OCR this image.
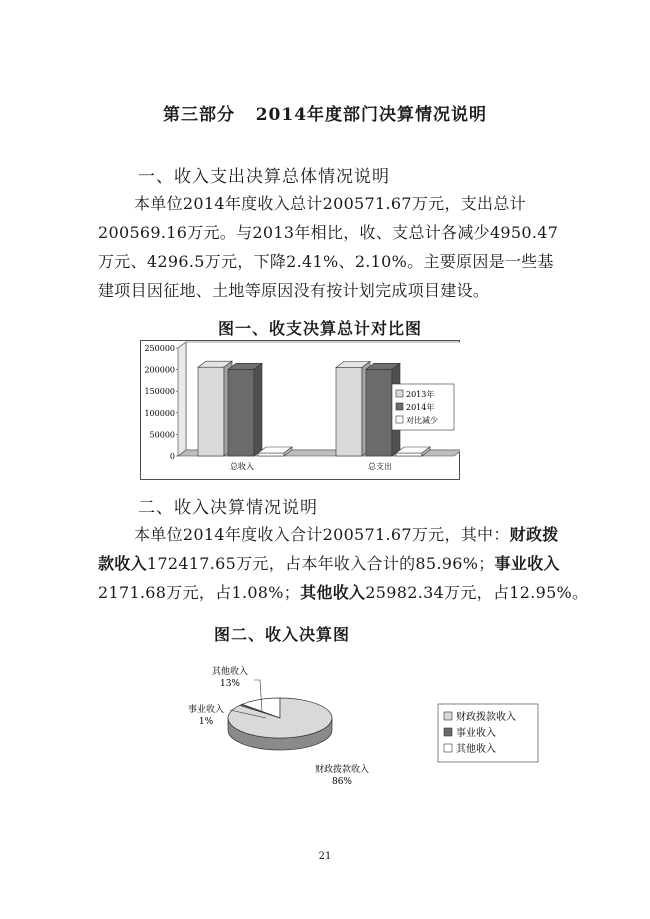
第三部分 2014年度部门决算情况说明
一、收入支出决算总体情况说明
本单位2014年度收入总计200571.67万元，支出总计
200569.16万元。与2013年相比，收、支总计各减少4950.47
万元、4296.5万元，下降2.41%、2.10%。主要原因是一些基
建项目因征地、土地等原因没有按计划完成项目建设。
图一、收支决算总计对比图
0
50000
100000
150000
200000
250000
总收入	总支出
2013年
2014年
对比减少
二、收入决算情况说明
本单位2014年度收入合计200571.67万元，其中：财政拨
款收入172417.65万元，占本年收入合计的85.96%；事业收入
2171.68万元，占1.08%；其他收入25982.34万元，占12.95%。
图二、收入决算图
其他收入
13%
事业收入
1%
财政拨款收入
86%
财政拨款收入
事业收入
其他收入
21
